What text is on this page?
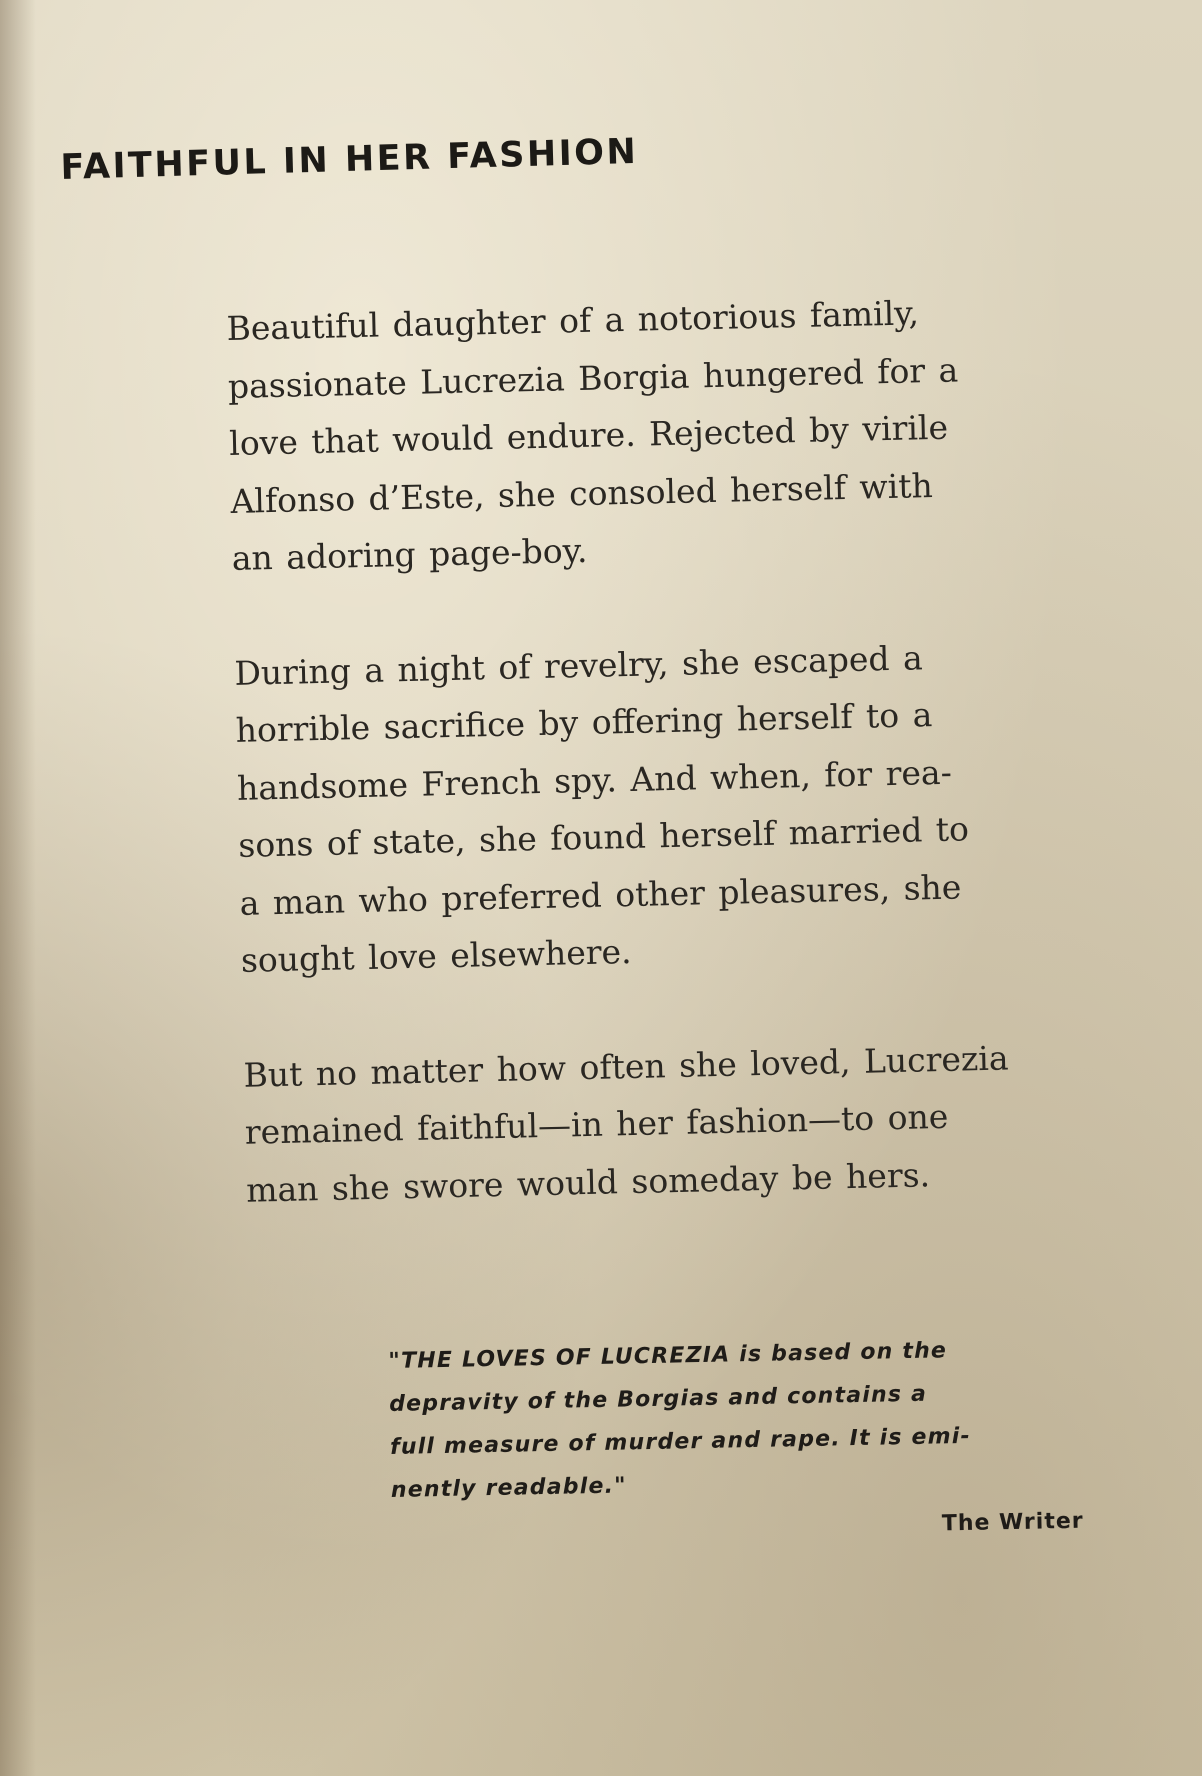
FAITHFUL IN HER FASHION

Beautiful daughter of a notorious family,
passionate Lucrezia Borgia hungered for a
love that would endure. Rejected by virile
Alfonso d’Este, she consoled herself with
an adoring page-boy.

During a night of revelry, she escaped a
horrible sacrifice by offering herself to a
handsome French spy. And when, for rea-
sons of state, she found herself married to
a man who preferred other pleasures, she
sought love elsewhere.

But no matter how often she loved, Lucrezia
remained faithful—in her fashion—to one
man she swore would someday be hers.

"THE LOVES OF LUCREZIA is based on the
depravity of the Borgias and contains a
full measure of murder and rape. It is emi-
nently readable."

The Writer
